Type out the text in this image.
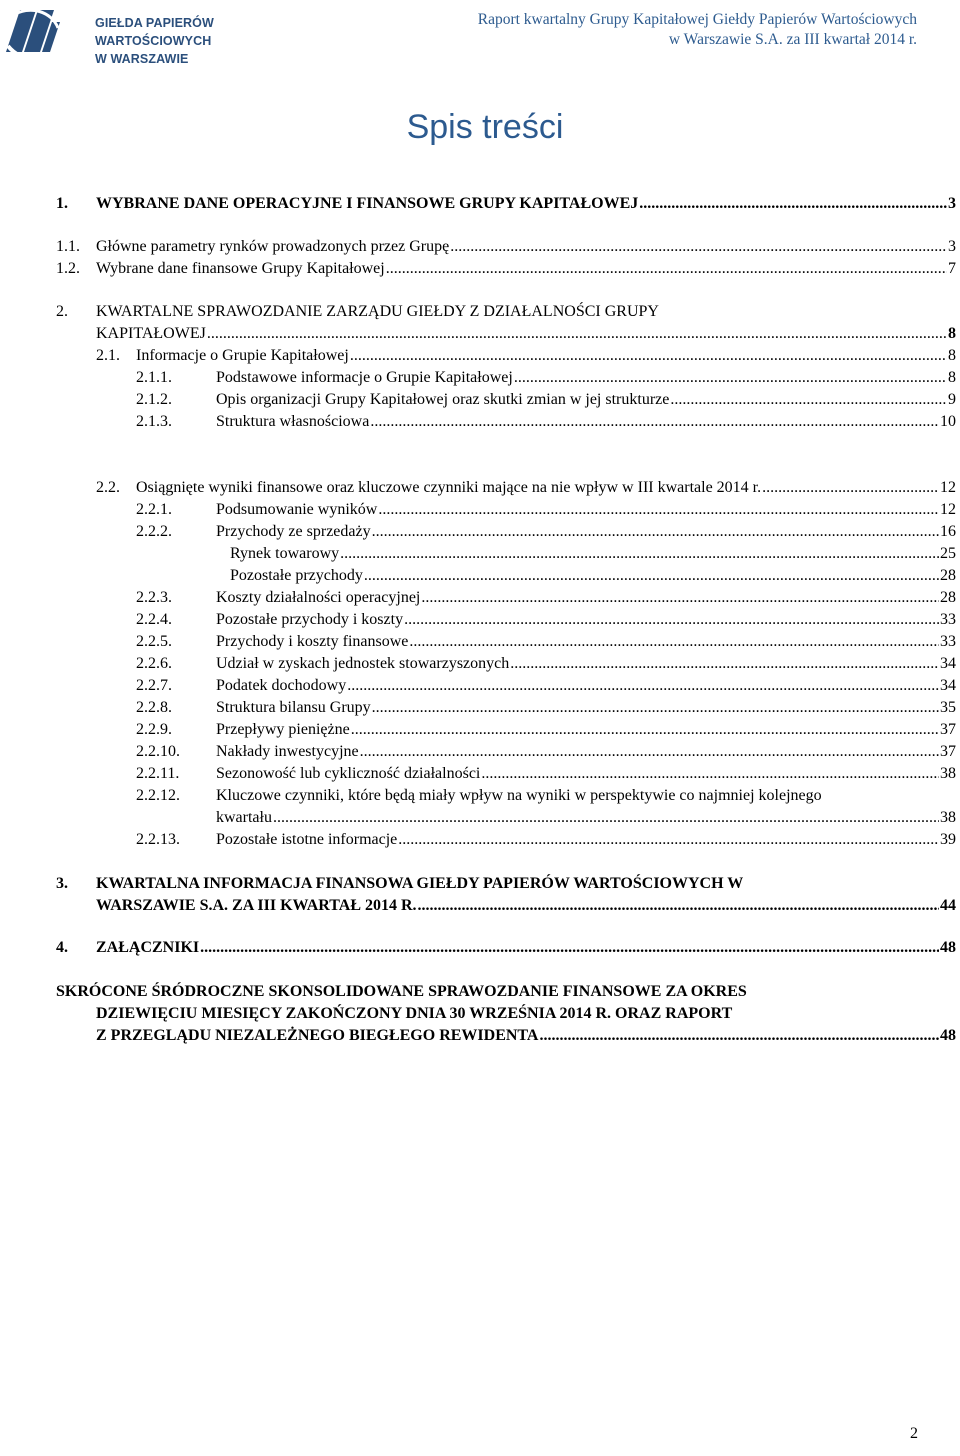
GIEŁDA PAPIERÓW
WARTOŚCIOWYCH
W WARSZAWIE
Raport kwartalny Grupy Kapitałowej Giełdy Papierów Wartościowych
w Warszawie S.A. za III kwartał 2014 r.
Spis treści
1. WYBRANE DANE OPERACYJNE I FINANSOWE GRUPY KAPITAŁOWEJ .....	3
1.1. Główne parametry rynków prowadzonych przez Grupę .....	3
1.2. Wybrane dane finansowe Grupy Kapitałowej .....	7
2. KWARTALNE SPRAWOZDANIE ZARZĄDU GIEŁDY Z DZIAŁALNOŚCI GRUPY
KAPITAŁOWEJ .....	8
2.1. Informacje o Grupie Kapitałowej .....	8
2.1.1.	Podstawowe informacje o Grupie Kapitałowej .....	8
2.1.2.	Opis organizacji Grupy Kapitałowej oraz skutki zmian w jej strukturze .....	9
2.1.3.	Struktura własnościowa .....	10
2.2. Osiągnięte wyniki finansowe oraz kluczowe czynniki mające na nie wpływ w III kwartale 2014 r. .....	12
2.2.1.	Podsumowanie wyników .....	12
2.2.2.	Przychody ze sprzedaży .....	16
Rynek towarowy .....	25
Pozostałe przychody .....	28
2.2.3.	Koszty działalności operacyjnej .....	28
2.2.4.	Pozostałe przychody i koszty .....	33
2.2.5.	Przychody i koszty finansowe .....	33
2.2.6.	Udział w zyskach jednostek stowarzyszonych .....	34
2.2.7.	Podatek dochodowy .....	34
2.2.8.	Struktura bilansu Grupy .....	35
2.2.9.	Przepływy pieniężne .....	37
2.2.10. Nakłady inwestycyjne .....	37
2.2.11. Sezonowość lub cykliczność działalności .....	38
2.2.12. Kluczowe czynniki, które będą miały wpływ na wyniki w perspektywie co najmniej kolejnego
kwartału .....	38
2.2.13. Pozostałe istotne informacje .....	39
3. KWARTALNA INFORMACJA FINANSOWA GIEŁDY PAPIERÓW WARTOŚCIOWYCH W
WARSZAWIE S.A. ZA III KWARTAŁ 2014 R. .....	44
4. ZAŁĄCZNIKI .....	48
SKRÓCONE ŚRÓDROCZNE SKONSOLIDOWANE SPRAWOZDANIE FINANSOWE ZA OKRES
DZIEWIĘCIU MIESIĘCY ZAKOŃCZONY DNIA 30 WRZEŚNIA 2014 R. ORAZ RAPORT
Z PRZEGLĄDU NIEZALEŻNEGO BIEGŁEGO REWIDENTA .....	48
2
